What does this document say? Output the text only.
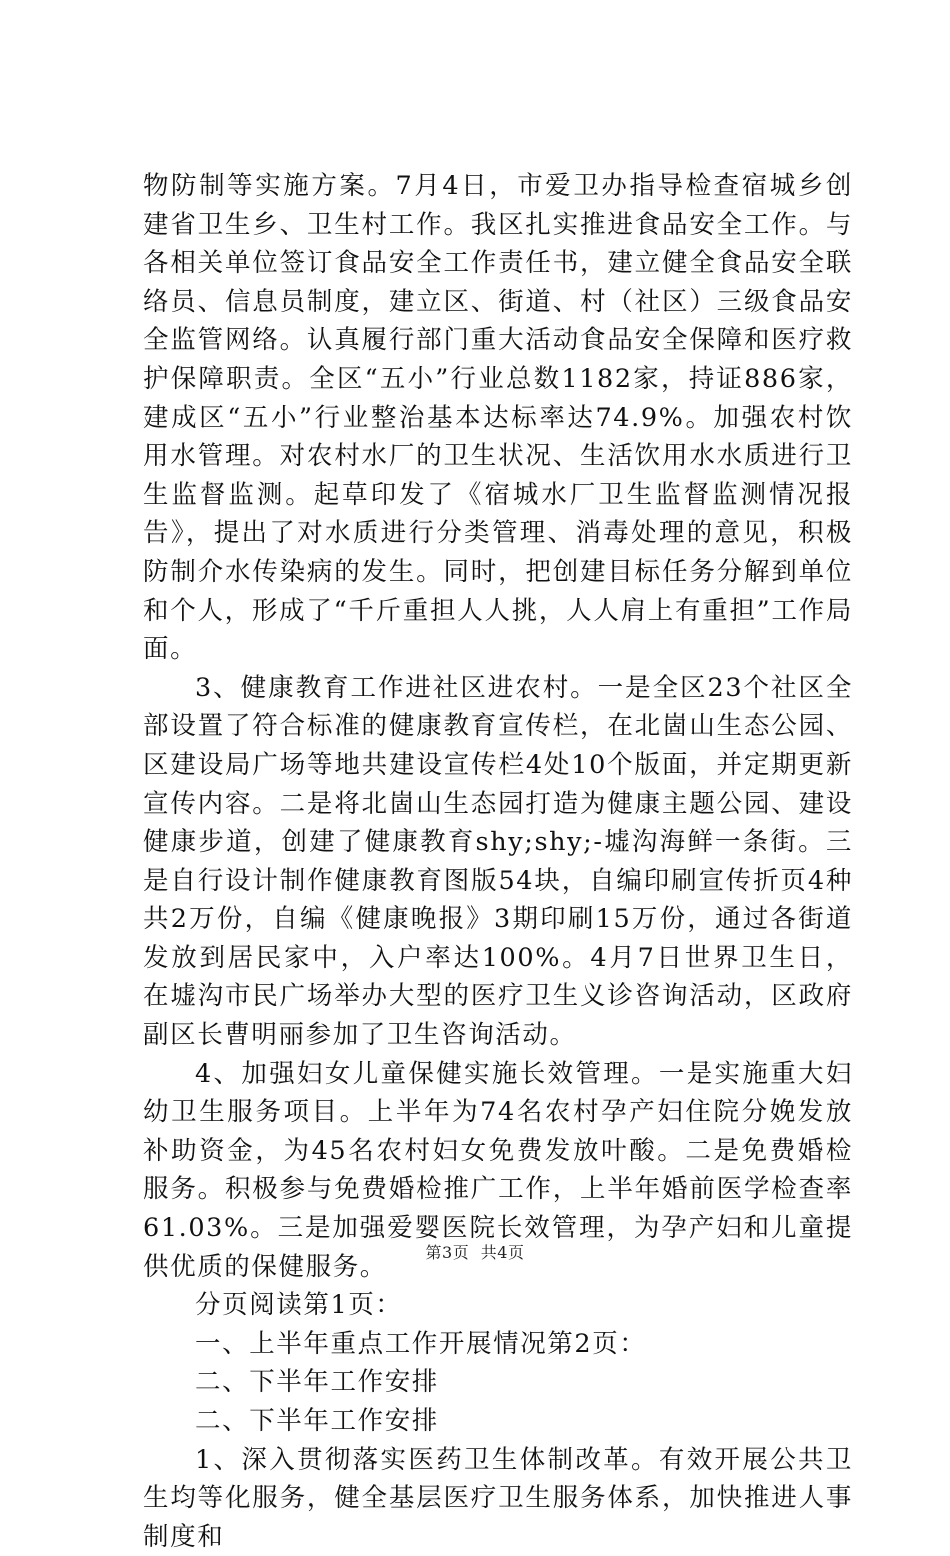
物防制等实施方案。7月4日，市爱卫办指导检查宿城乡创建省卫生乡、卫生村工作。我区扎实推进食品安全工作。与各相关单位签订食品安全工作责任书，建立健全食品安全联络员、信息员制度，建立区、街道、村（社区）三级食品安全监管网络。认真履行部门重大活动食品安全保障和医疗救护保障职责。全区“五小”行业总数1182家，持证886家，建成区“五小”行业整治基本达标率达74.9%。加强农村饮用水管理。对农村水厂的卫生状况、生活饮用水水质进行卫生监督监测。起草印发了《宿城水厂卫生监督监测情况报告》，提出了对水质进行分类管理、消毒处理的意见，积极防制介水传染病的发生。同时，把创建目标任务分解到单位和个人，形成了“千斤重担人人挑，人人肩上有重担”工作局面。

3、健康教育工作进社区进农村。一是全区23个社区全部设置了符合标准的健康教育宣传栏，在北崮山生态公园、区建设局广场等地共建设宣传栏4处10个版面，并定期更新宣传内容。二是将北崮山生态园打造为健康主题公园、建设健康步道，创建了健康教育shy;shy;-墟沟海鲜一条街。三是自行设计制作健康教育图版54块，自编印刷宣传折页4种共2万份，自编《健康晚报》3期印刷15万份，通过各街道发放到居民家中，入户率达100%。4月7日世界卫生日，在墟沟市民广场举办大型的医疗卫生义诊咨询活动，区政府副区长曹明丽参加了卫生咨询活动。

4、加强妇女儿童保健实施长效管理。一是实施重大妇幼卫生服务项目。上半年为74名农村孕产妇住院分娩发放补助资金，为45名农村妇女免费发放叶酸。二是免费婚检服务。积极参与免费婚检推广工作，上半年婚前医学检查率61.03%。三是加强爱婴医院长效管理，为孕产妇和儿童提供优质的保健服务。

分页阅读第1页：

一、上半年重点工作开展情况第2页：

二、下半年工作安排

二、下半年工作安排

1、深入贯彻落实医药卫生体制改革。有效开展公共卫生均等化服务，健全基层医疗卫生服务体系，加快推进人事制度和

第3页 共4页
